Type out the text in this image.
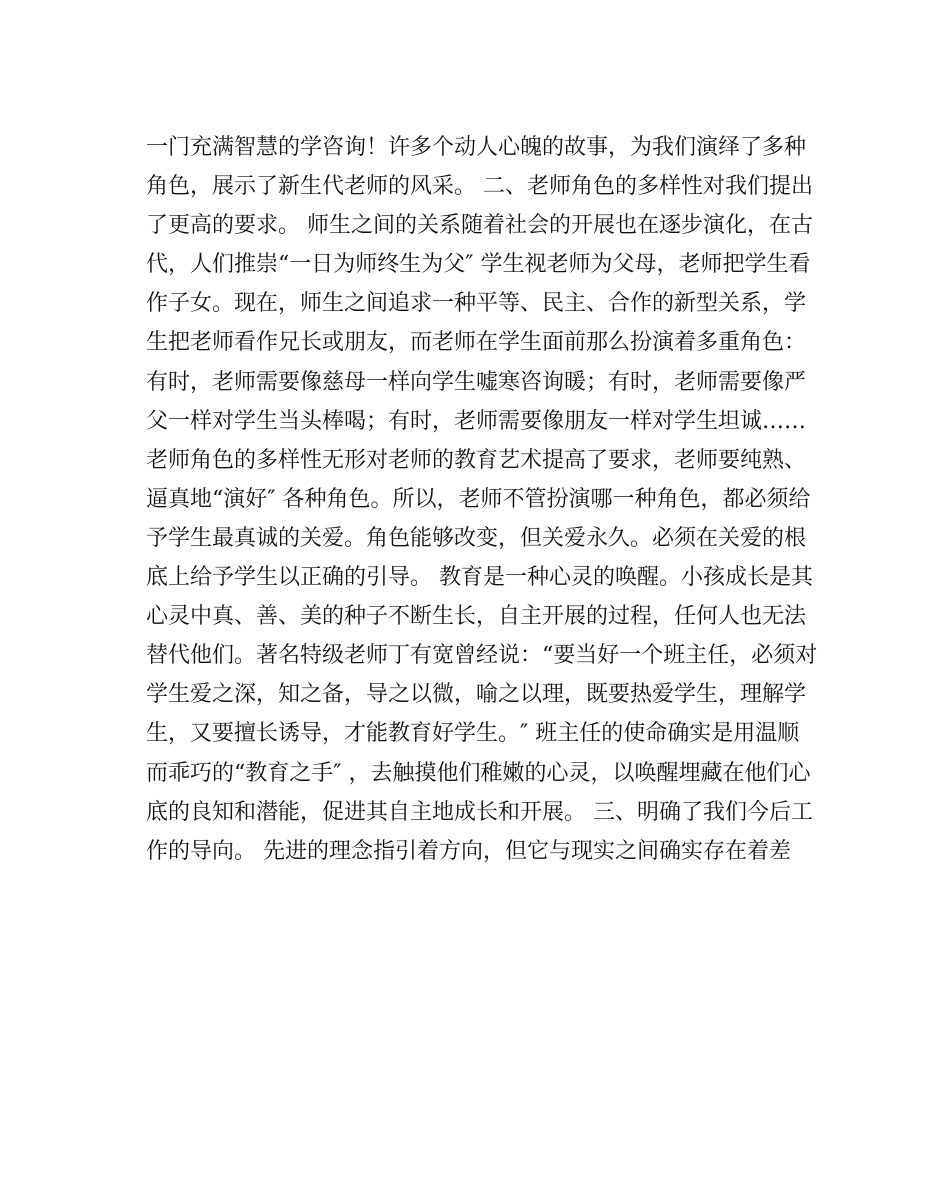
一门充满智慧的学咨询！许多个动人心魄的故事，为我们演绎了多种
角色，展示了新生代老师的风采。 二、老师角色的多样性对我们提出
了更高的要求。 师生之间的关系随着社会的开展也在逐步演化，在古
代，人们推崇“一日为师终生为父″ 学生视老师为父母，老师把学生看
作子女。现在，师生之间追求一种平等、民主、合作的新型关系，学
生把老师看作兄长或朋友，而老师在学生面前那么扮演着多重角色：
有时，老师需要像慈母一样向学生嘘寒咨询暖；有时，老师需要像严
父一样对学生当头棒喝；有时，老师需要像朋友一样对学生坦诚……
老师角色的多样性无形对老师的教育艺术提高了要求，老师要纯熟、
逼真地“演好″ 各种角色。所以，老师不管扮演哪一种角色，都必须给
予学生最真诚的关爱。角色能够改变，但关爱永久。必须在关爱的根
底上给予学生以正确的引导。 教育是一种心灵的唤醒。小孩成长是其
心灵中真、善、美的种子不断生长，自主开展的过程，任何人也无法
替代他们。著名特级老师丁有宽曾经说：“要当好一个班主任，必须对
学生爱之深，知之备，导之以微，喻之以理，既要热爱学生，理解学
生，又要擅长诱导，才能教育好学生。″ 班主任的使命确实是用温顺
而乖巧的“教育之手″ ，去触摸他们稚嫩的心灵，以唤醒埋藏在他们心
底的良知和潜能，促进其自主地成长和开展。 三、明确了我们今后工
作的导向。 先进的理念指引着方向，但它与现实之间确实存在着差
